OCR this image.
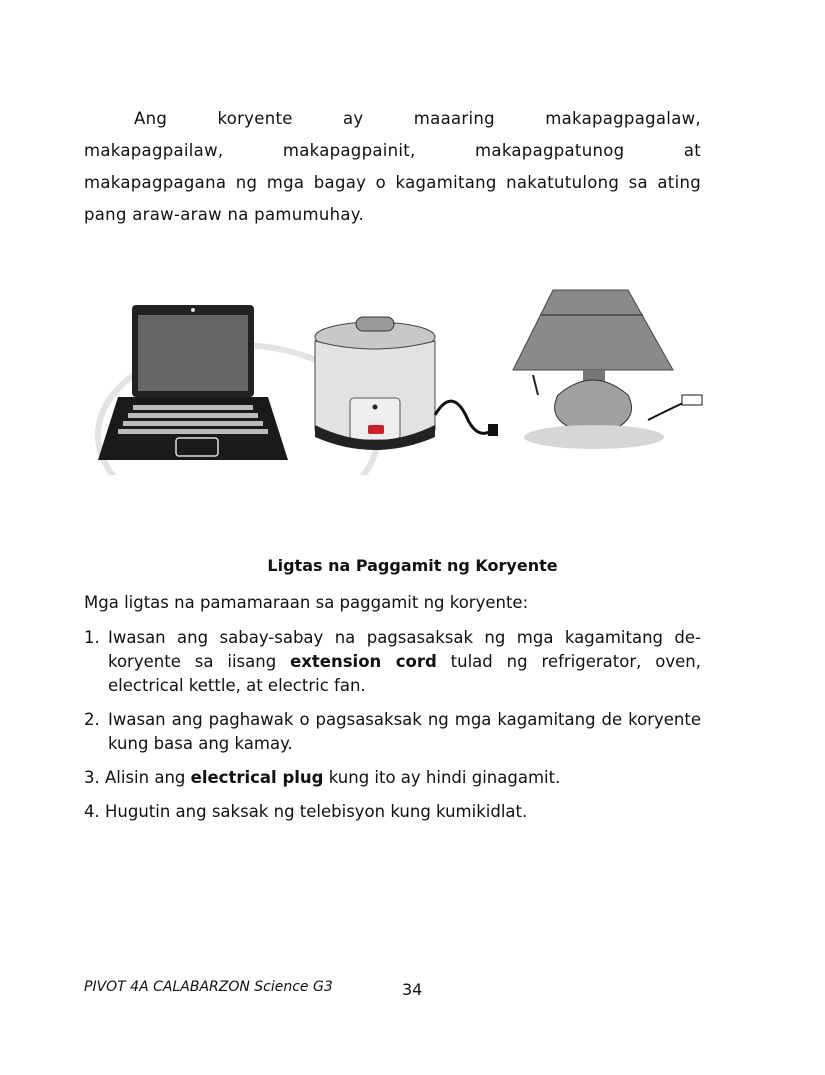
Ang	koryente	ay	maaaring	makapagpagalaw,
makapagpailaw,	makapagpainit,	makapagpatunog	at
makapagpagana ng mga bagay o kagamitang nakatutulong sa ating pang araw-araw na pamumuhay.
Ligtas na Paggamit ng Koryente
Mga ligtas na pamamaraan sa paggamit ng koryente:
1. Iwasan ang sabay-sabay na pagsasaksak ng mga kagamitang de-koryente sa iisang extension cord tulad ng refrigerator, oven, electrical kettle, at electric fan.
2. Iwasan ang paghawak o pagsasaksak ng mga kagamitang de koryente kung basa ang kamay.
3. Alisin ang electrical plug kung ito ay hindi ginagamit.
4. Hugutin ang saksak ng telebisyon kung kumikidlat.
PIVOT 4A CALABARZON Science G3	34
